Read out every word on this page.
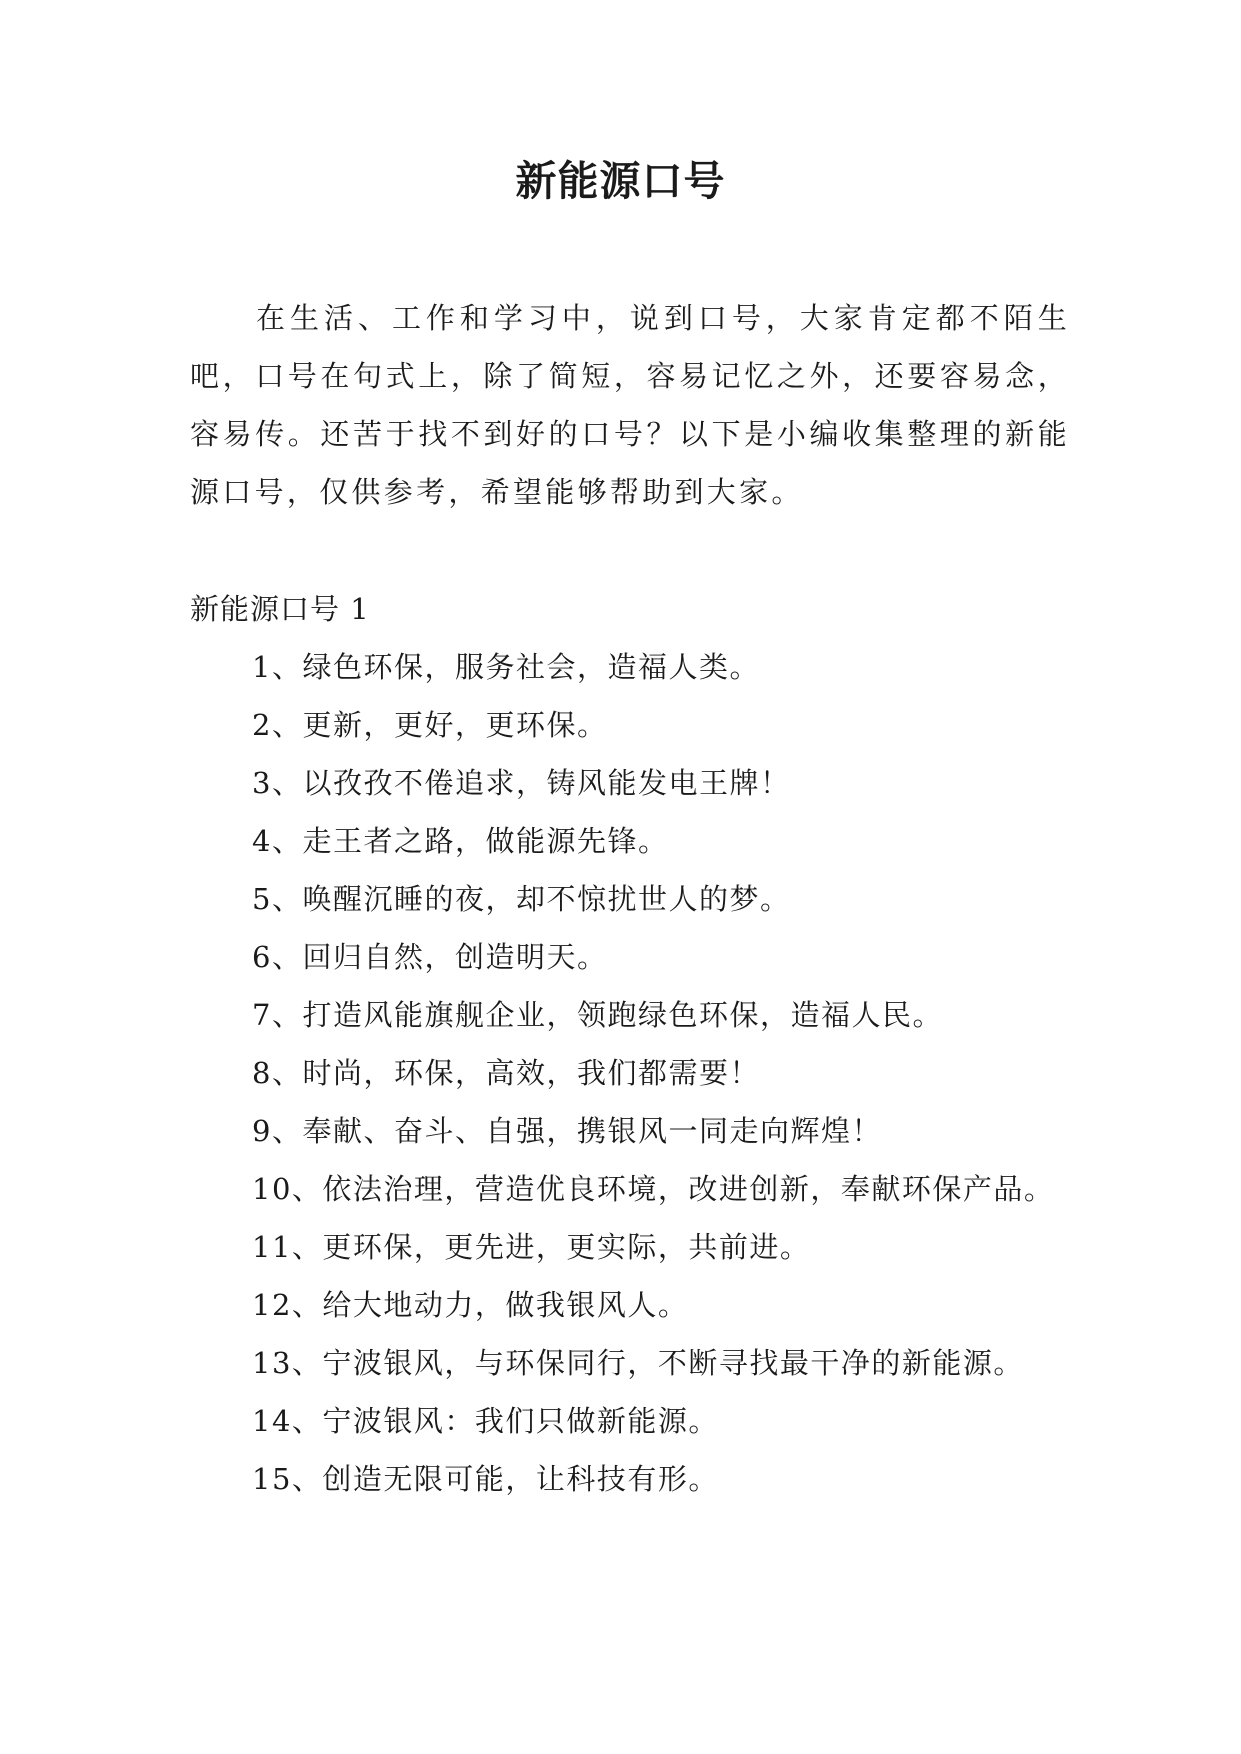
新能源口号

在生活、工作和学习中，说到口号，大家肯定都不陌生吧，口号在句式上，除了简短，容易记忆之外，还要容易念，容易传。还苦于找不到好的口号？以下是小编收集整理的新能源口号，仅供参考，希望能够帮助到大家。

新能源口号 1
1、绿色环保，服务社会，造福人类。
2、更新，更好，更环保。
3、以孜孜不倦追求，铸风能发电王牌！
4、走王者之路，做能源先锋。
5、唤醒沉睡的夜，却不惊扰世人的梦。
6、回归自然，创造明天。
7、打造风能旗舰企业，领跑绿色环保，造福人民。
8、时尚，环保，高效，我们都需要！
9、奉献、奋斗、自强，携银风一同走向辉煌！
10、依法治理，营造优良环境，改进创新，奉献环保产品。
11、更环保，更先进，更实际，共前进。
12、给大地动力，做我银风人。
13、宁波银风，与环保同行，不断寻找最干净的新能源。
14、宁波银风：我们只做新能源。
15、创造无限可能，让科技有形。
